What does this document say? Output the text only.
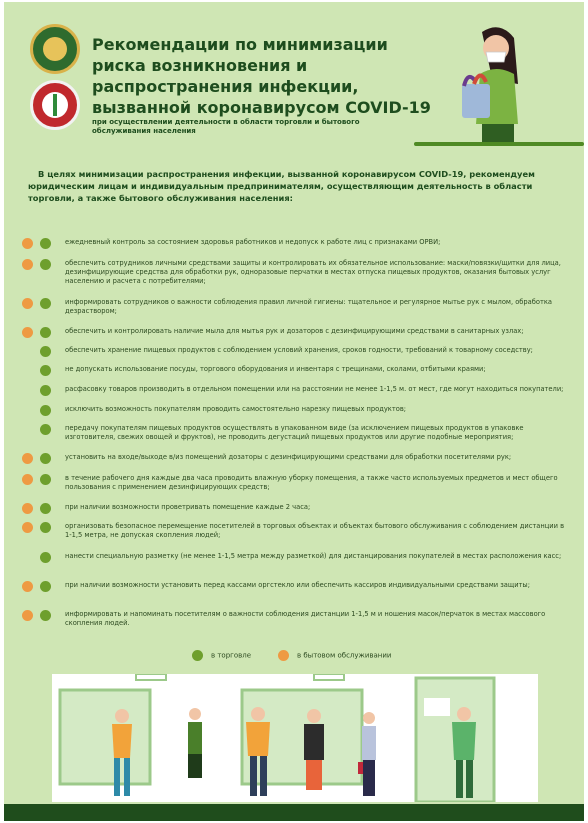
Рекомендации по минимизации риска возникновения и распространения инфекции, вызванной коронавирусом COVID-19
при осуществлении деятельности в области торговли и бытового обслуживания населения
В целях минимизации распространения инфекции, вызванной коронавирусом COVID-19, рекомендуем юридическим лицам и индивидуальным предпринимателям, осуществляющим деятельность в области торговли, а также бытового обслуживания населения:
ежедневный контроль за состоянием здоровья работников и недопуск к работе лиц с признаками ОРВИ;
обеспечить сотрудников личными средствами защиты и контролировать их обязательное использование: маски/повязки/щитки для лица, дезинфицирующие средства для обработки рук, одноразовые перчатки в местах отпуска пищевых продуктов, оказания бытовых услуг населению и расчета с потребителями;
информировать сотрудников о важности соблюдения правил личной гигиены: тщательное и регулярное мытье рук с мылом, обработка дезраствором;
обеспечить и контролировать наличие мыла для мытья рук и дозаторов с дезинфицирующими средствами в санитарных узлах;
обеспечить хранение пищевых продуктов с соблюдением условий хранения, сроков годности, требований к товарному соседству;
не допускать использование посуды, торгового оборудования и инвентаря с трещинами, сколами, отбитыми краями;
расфасовку товаров производить в отдельном помещении или на расстоянии не менее 1-1,5 м. от мест, где могут находиться покупатели;
исключить возможность покупателям проводить самостоятельно нарезку пищевых продуктов;
передачу покупателям пищевых продуктов осуществлять в упакованном виде (за исключением пищевых продуктов в упаковке изготовителя, свежих овощей и фруктов), не проводить дегустаций пищевых продуктов или другие подобные мероприятия;
установить на входе/выходе в/из помещений дозаторы с дезинфицирующими средствами для обработки посетителями рук;
в течение рабочего дня каждые два часа проводить влажную уборку помещения, а также часто используемых предметов и мест общего пользования с применением дезинфицирующих средств;
при наличии возможности проветривать помещение каждые 2 часа;
организовать безопасное перемещение посетителей в торговых объектах и объектах бытового обслуживания с соблюдением дистанции в 1-1,5 метра, не допуская скопления людей;
нанести специальную разметку (не менее 1-1,5 метра между разметкой) для дистанцирования покупателей в местах расположения касс;
при наличии возможности установить перед кассами оргстекло или обеспечить кассиров индивидуальными средствами защиты;
информировать и напоминать посетителям о важности соблюдения дистанции 1-1,5 м и ношения масок/перчаток в местах массового скопления людей.
в торговле	в бытовом обслуживании
